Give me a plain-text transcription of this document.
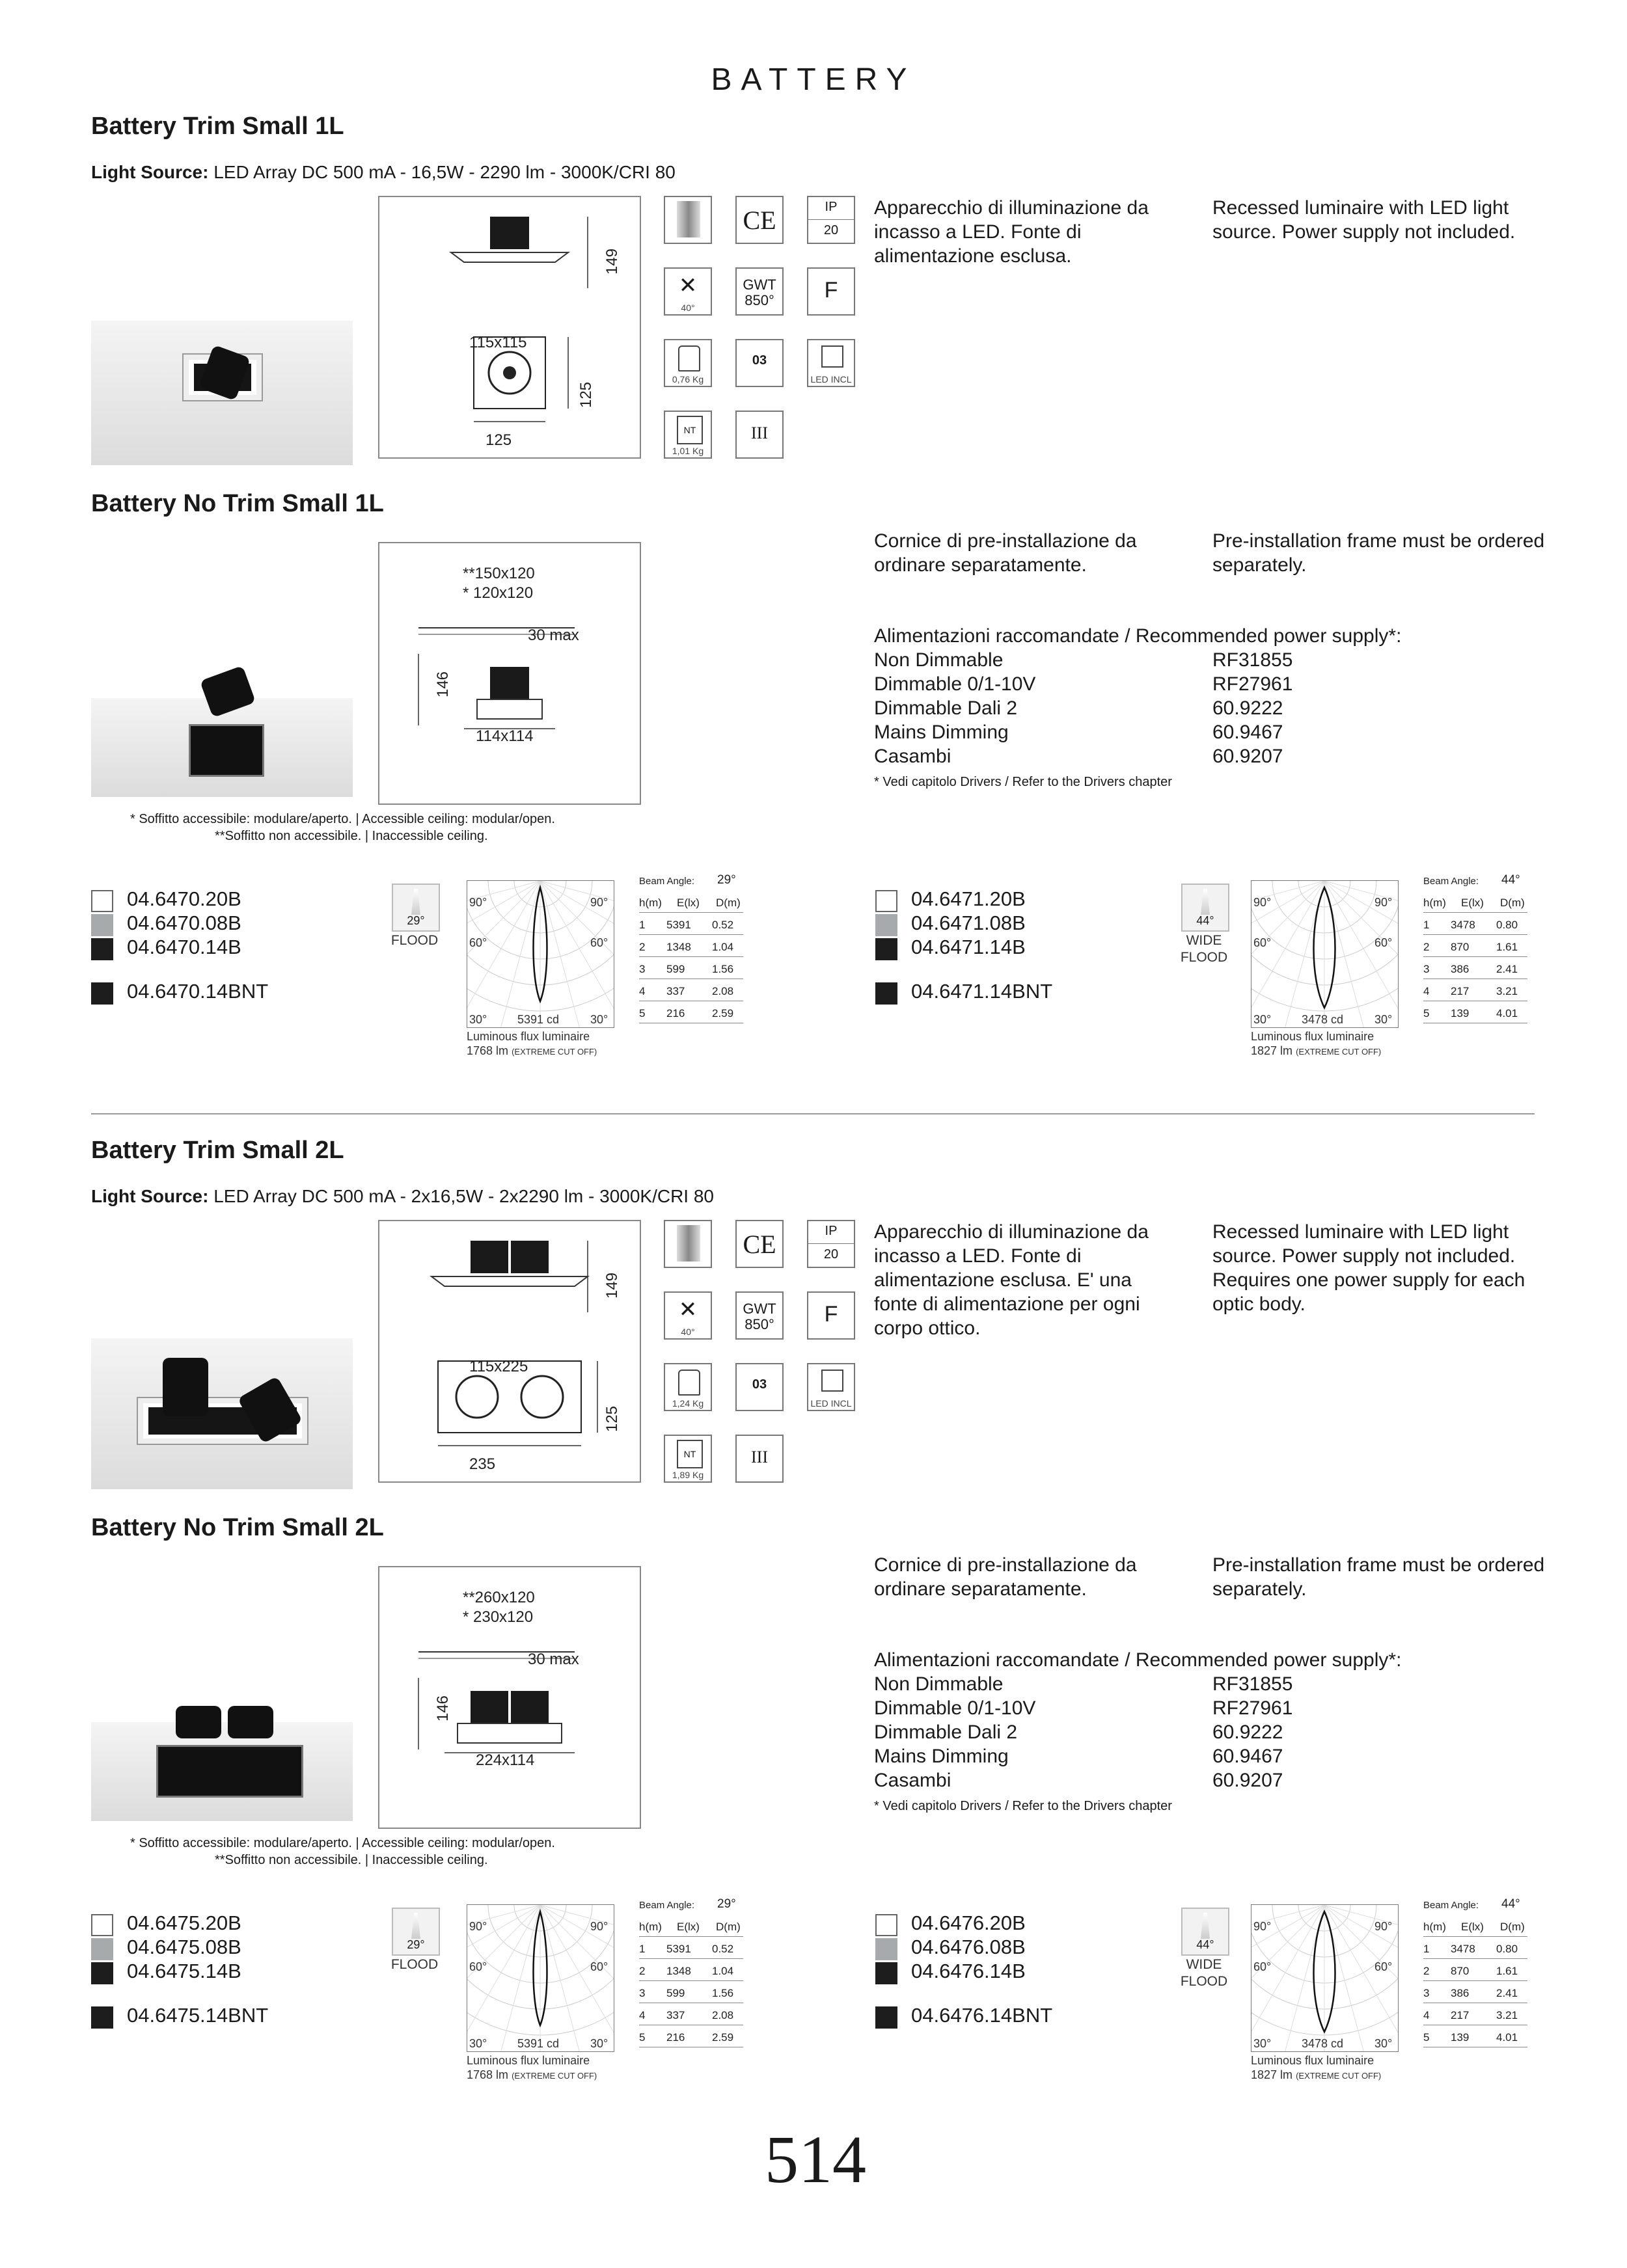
BATTERY
Battery Trim Small 1L
Light Source: LED Array DC 500 mA - 16,5W - 2290 lm - 3000K/CRI 80
149
115x115
125
125
CE	IP
20
✕
40°
GWT
850°	F
0,76 Kg
03
LED INCL
NT
1,01 Kg
III
Apparecchio di illuminazione da incasso a LED. Fonte di alimentazione esclusa.
Recessed luminaire with LED light source. Power supply not included.
Battery No Trim Small 1L
**150x120
* 120x120
30 max
146
114x114
Cornice di pre-installazione da ordinare separatamente.
Pre-installation frame must be ordered separately.
Alimentazioni raccomandate / Recommended power supply*:
Non Dimmable	RF31855
Dimmable 0/1-10V	RF27961
Dimmable Dali 2	60.9222
Mains Dimming	60.9467
Casambi	60.9207
* Vedi capitolo Drivers / Refer to the Drivers chapter
* Soffitto accessibile: modulare/aperto. | Accessible ceiling: modular/open.
**Soffitto non accessibile. | Inaccessible ceiling.
04.6470.20B
04.6470.08B
04.6470.14B
04.6470.14BNT
29°
FLOOD
90°	90°
60°	60°
30°	30°
5391 cd
Luminous flux luminaire
1768 lm (EXTREME CUT OFF)
Beam Angle: 29°
h(m) E(lx) D(m)
1 5391 0.52
2 1348 1.04
3 599 1.56
4 337 2.08
5 216 2.59
04.6471.20B
04.6471.08B
04.6471.14B
04.6471.14BNT
44°
WIDE
FLOOD
90°	90°
60°	60°
30°	30°
3478 cd
Luminous flux luminaire
1827 lm (EXTREME CUT OFF)
Beam Angle: 44°
h(m) E(lx) D(m)
1 3478 0.80
2 870 1.61
3 386 2.41
4 217 3.21
5 139 4.01
Battery Trim Small 2L
Light Source: LED Array DC 500 mA - 2x16,5W - 2x2290 lm - 3000K/CRI 80
149
115x225
125
235
CE	IP
20
✕
40°
GWT
850°	F
1,24 Kg
03
LED INCL
NT
1,89 Kg
III
Apparecchio di illuminazione da incasso a LED. Fonte di alimentazione esclusa. E' una fonte di alimentazione per ogni corpo ottico.
Recessed luminaire with LED light source. Power supply not included. Requires one power supply for each optic body.
Battery No Trim Small 2L
**260x120
* 230x120
30 max
146
224x114
Cornice di pre-installazione da ordinare separatamente.
Pre-installation frame must be ordered separately.
Alimentazioni raccomandate / Recommended power supply*:
Non Dimmable	RF31855
Dimmable 0/1-10V	RF27961
Dimmable Dali 2	60.9222
Mains Dimming	60.9467
Casambi	60.9207
* Vedi capitolo Drivers / Refer to the Drivers chapter
* Soffitto accessibile: modulare/aperto. | Accessible ceiling: modular/open.
**Soffitto non accessibile. | Inaccessible ceiling.
04.6475.20B
04.6475.08B
04.6475.14B
04.6475.14BNT
29°
FLOOD
90°	90°
60°	60°
30°	30°
5391 cd
Luminous flux luminaire
1768 lm (EXTREME CUT OFF)
Beam Angle: 29°
h(m) E(lx) D(m)
1 5391 0.52
2 1348 1.04
3 599 1.56
4 337 2.08
5 216 2.59
04.6476.20B
04.6476.08B
04.6476.14B
04.6476.14BNT
44°
WIDE
FLOOD
90°	90°
60°	60°
30°	30°
3478 cd
Luminous flux luminaire
1827 lm (EXTREME CUT OFF)
Beam Angle: 44°
h(m) E(lx) D(m)
1 3478 0.80
2 870 1.61
3 386 2.41
4 217 3.21
5 139 4.01
514
